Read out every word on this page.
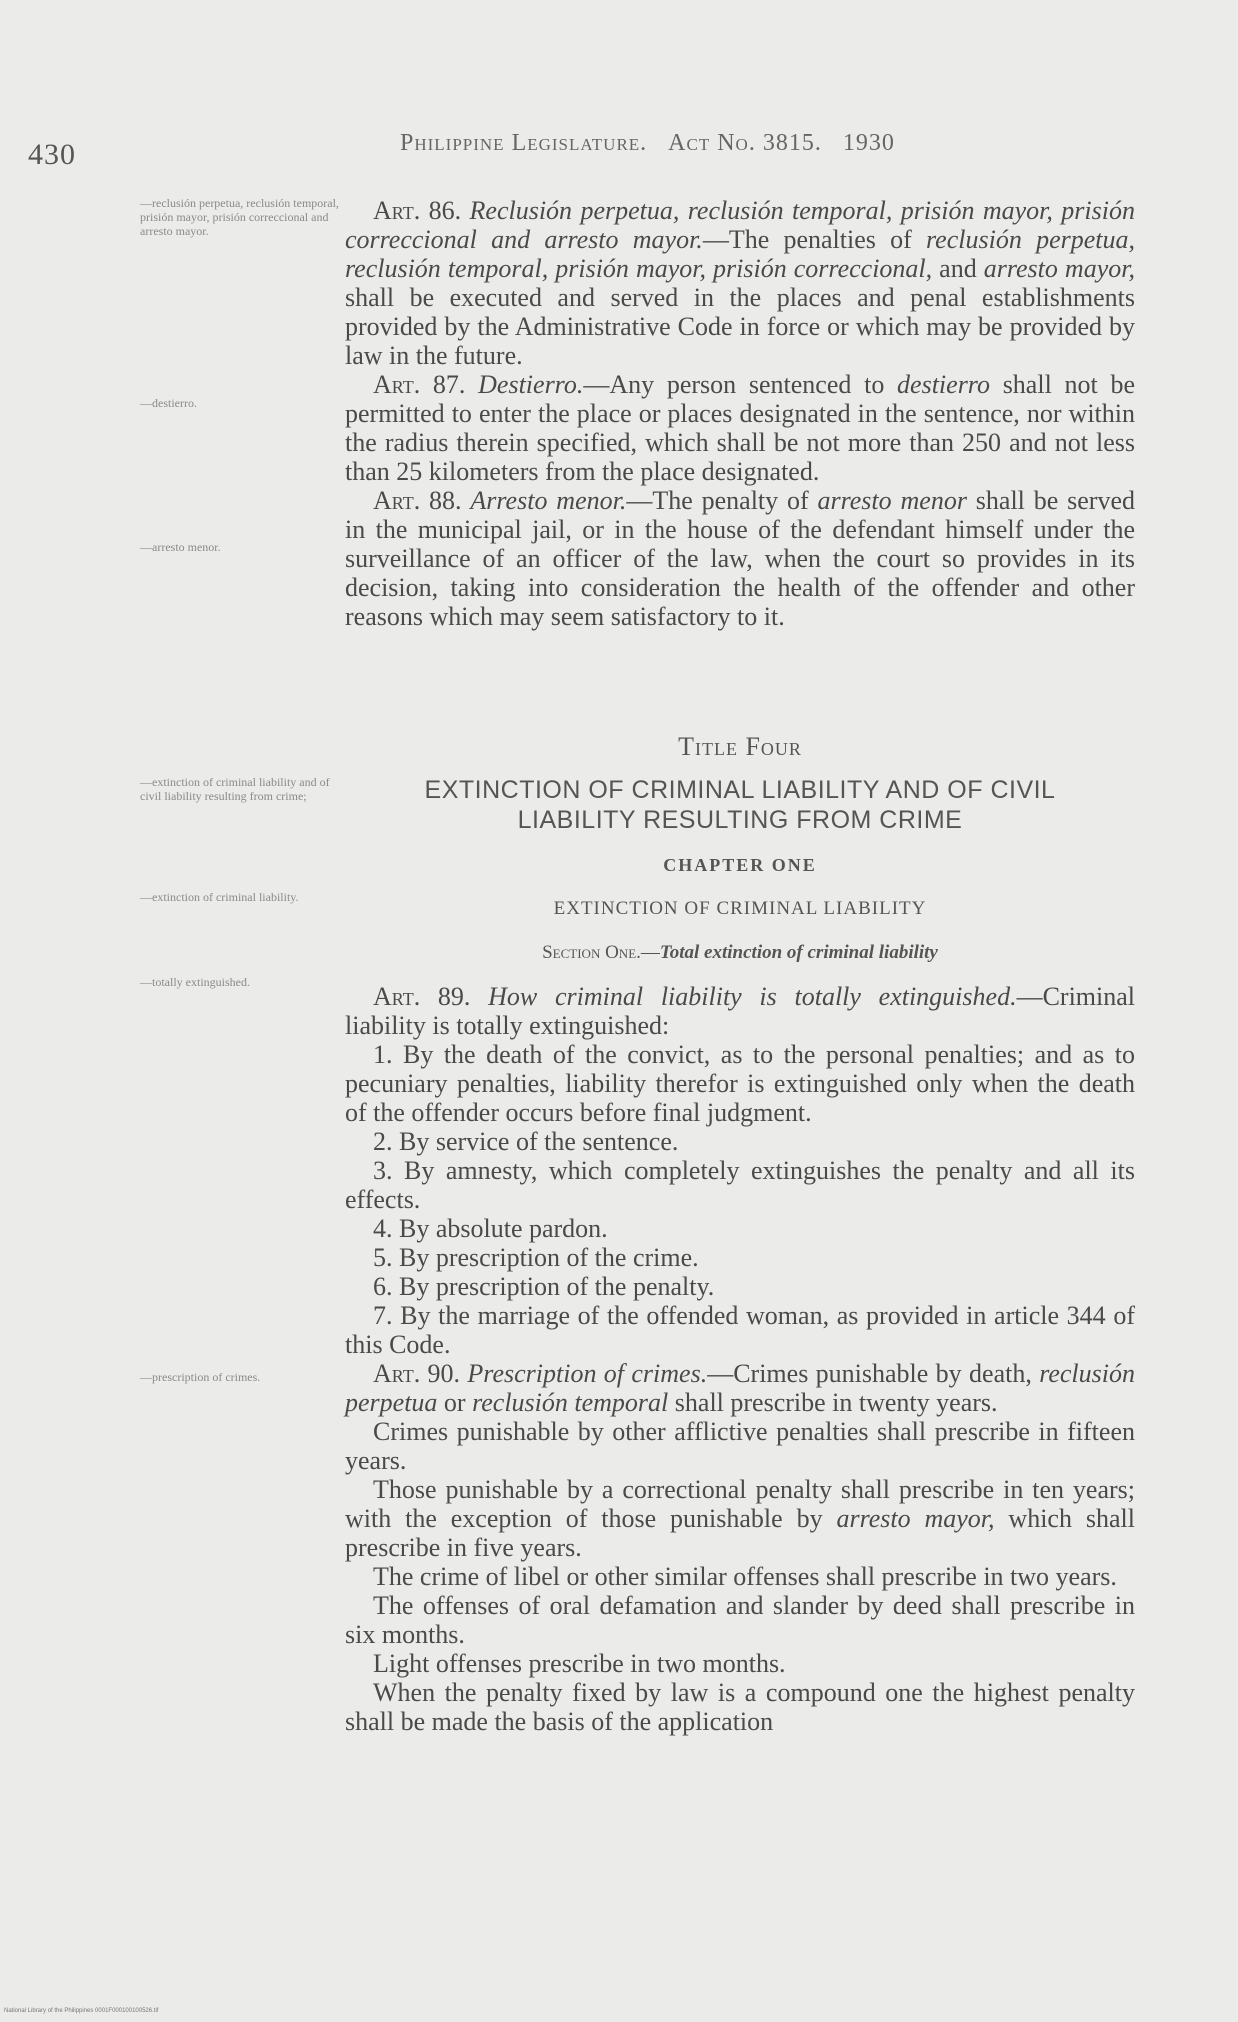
430	Philippine Legislature. Act No. 3815. 1930
—reclusión perpetua, reclusión temporal, prisión mayor, prisión correccional and arresto mayor.
—destierro.
—arresto menor.
—extinction of criminal liability and of civil liability resulting from crime;
—extinction of criminal liability.
—totally extinguished.
—prescription of crimes.

Art. 86. Reclusión perpetua, reclusión temporal, prisión mayor, prisión correccional and arresto mayor.—The penalties of reclusión perpetua, reclusión temporal, prisión mayor, prisión correccional, and arresto mayor, shall be executed and served in the places and penal establishments provided by the Administrative Code in force or which may be provided by law in the future.

Art. 87. Destierro.—Any person sentenced to destierro shall not be permitted to enter the place or places designated in the sentence, nor within the radius therein specified, which shall be not more than 250 and not less than 25 kilometers from the place designated.

Art. 88. Arresto menor.—The penalty of arresto menor shall be served in the municipal jail, or in the house of the defendant himself under the surveillance of an officer of the law, when the court so provides in its decision, taking into consideration the health of the offender and other reasons which may seem satisfactory to it.

Title Four
EXTINCTION OF CRIMINAL LIABILITY AND OF CIVIL LIABILITY RESULTING FROM CRIME
CHAPTER ONE
EXTINCTION OF CRIMINAL LIABILITY
Section One.—Total extinction of criminal liability

Art. 89. How criminal liability is totally extinguished.—Criminal liability is totally extinguished:

1. By the death of the convict, as to the personal penalties; and as to pecuniary penalties, liability therefor is extinguished only when the death of the offender occurs before final judgment.

2. By service of the sentence.

3. By amnesty, which completely extinguishes the penalty and all its effects.

4. By absolute pardon.

5. By prescription of the crime.

6. By prescription of the penalty.

7. By the marriage of the offended woman, as provided in article 344 of this Code.

Art. 90. Prescription of crimes.—Crimes punishable by death, reclusión perpetua or reclusión temporal shall prescribe in twenty years.

Crimes punishable by other afflictive penalties shall prescribe in fifteen years.

Those punishable by a correctional penalty shall prescribe in ten years; with the exception of those punishable by arresto mayor, which shall prescribe in five years.

The crime of libel or other similar offenses shall prescribe in two years.

The offenses of oral defamation and slander by deed shall prescribe in six months.

Light offenses prescribe in two months.

When the penalty fixed by law is a compound one the highest penalty shall be made the basis of the application

National Library of the Philippines 0001F000100100526.tif
